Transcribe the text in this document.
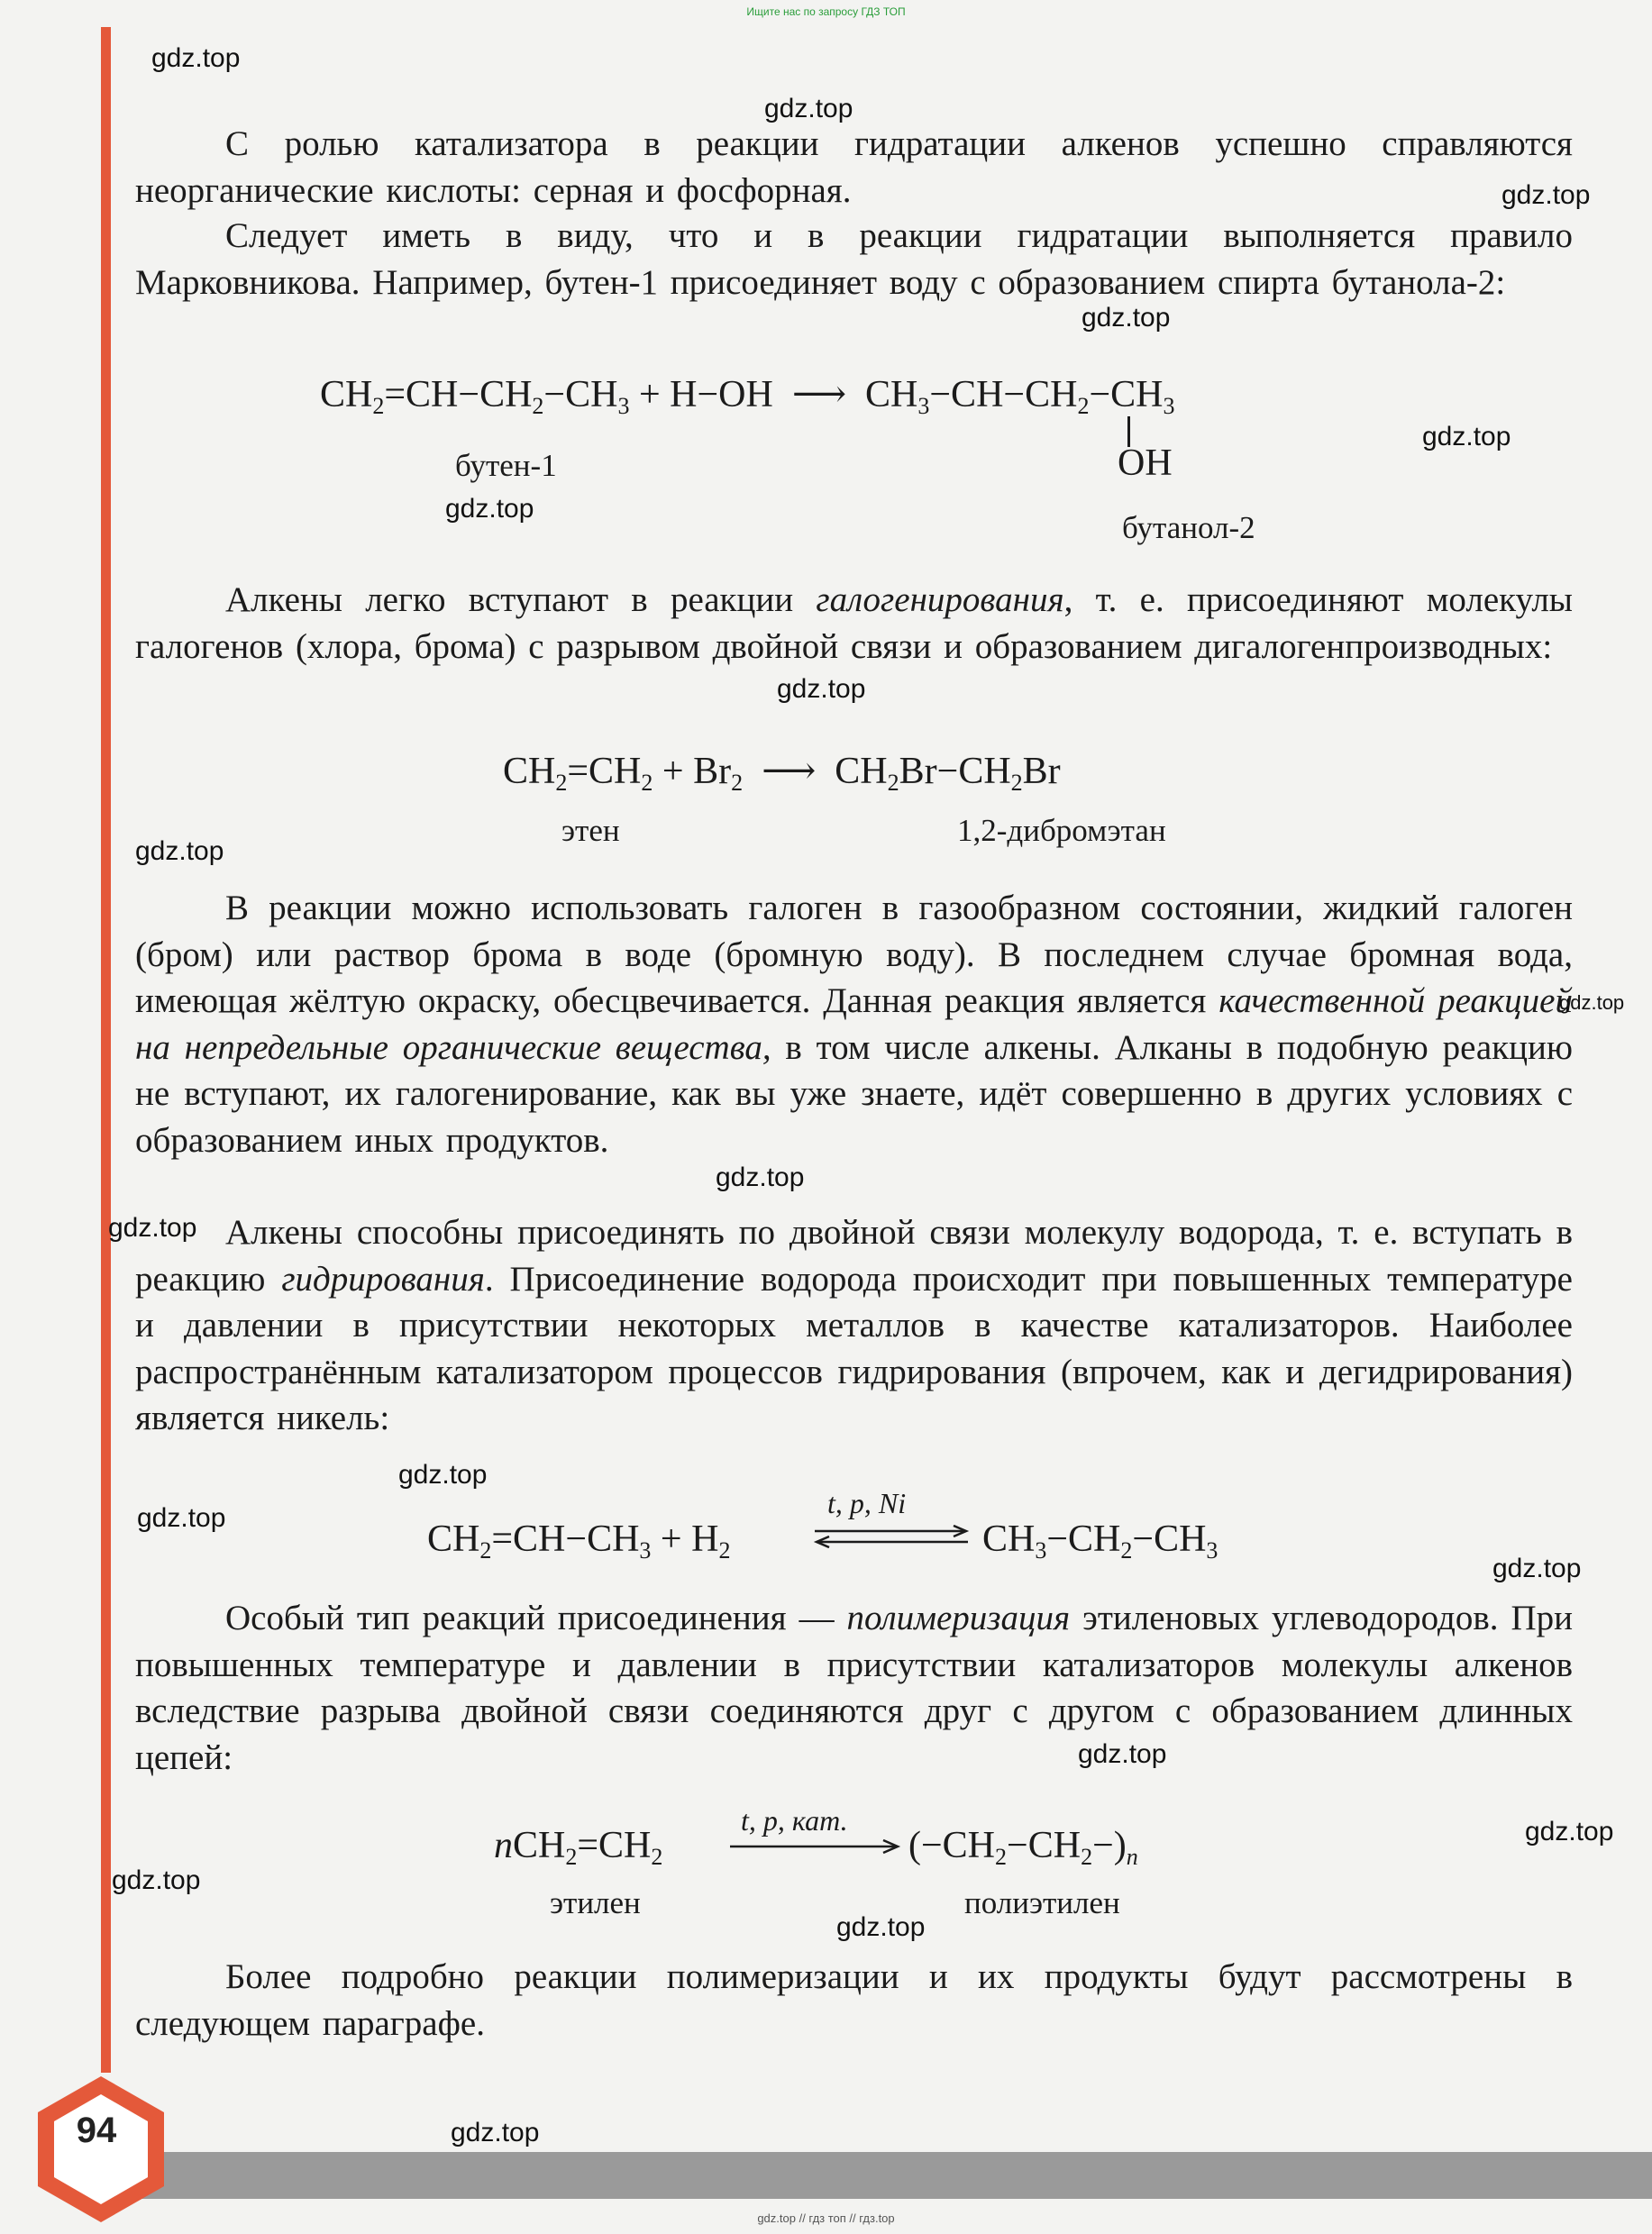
Ищите нас по запросу ГДЗ ТОП
94
gdz.top // гдз топ // гдз.top

С ролью катализатора в реакции гидратации алкенов успешно справляются неорганические кислоты: серная и фосфорная.

Следует иметь в виду, что и в реакции гидратации выполняется правило Марковникова. Например, бутен-1 присоединяет воду с образованием спирта бутанола-2:

$CH_2=CH-CH_2-CH_3 + H-OH$  ⟶  $CH_3-CH-CH_2-CH_3$
OH
бутен-1
бутанол-2

Алкены легко вступают в реакции галогенирования, т. е. присоединяют молекулы галогенов (хлора, брома) с разрывом двойной связи и образованием дигалогенпроизводных:

$CH_2=CH_2 + Br_2$  ⟶  $CH_2Br-CH_2Br$
этен	1,2-дибромэтан

В реакции можно использовать галоген в газообразном состоянии, жидкий галоген (бром) или раствор брома в воде (бромную воду). В последнем случае бромная вода, имеющая жёлтую окраску, обесцвечивается. Данная реакция является качественной реакцией на непредельные органические вещества, в том числе алкены. Алканы в подобную реакцию не вступают, их галогенирование, как вы уже знаете, идёт совершенно в других условиях с образованием иных продуктов.

Алкены способны присоединять по двойной связи молекулу водорода, т. е. вступать в реакцию гидрирования. Присоединение водорода происходит при повышенных температуре и давлении в присутствии некоторых металлов в качестве катализаторов. Наиболее распространённым катализатором процессов гидрирования (впрочем, как и дегидрирования) является никель:

$CH_2=CH-CH_3 + H_2$
t, p, Ni
$CH_3-CH_2-CH_3$

Особый тип реакций присоединения — полимеризация этиленовых углеводородов. При повышенных температуре и давлении в присутствии катализаторов молекулы алкенов вследствие разрыва двойной связи соединяются друг с другом с образованием длинных цепей:

$nCH_2=CH_2$
t, p, кат.
$(-CH_2-CH_2-)_n$
этилен	полиэтилен

Более подробно реакции полимеризации и их продукты будут рассмотрены в следующем параграфе.

gdz.top
gdz.top
gdz.top
gdz.top
gdz.top
gdz.top
gdz.top
gdz.top
gdz.top
gdz.top
gdz.top
gdz.top
gdz.top
gdz.top
gdz.top
gdz.top
gdz.top
gdz.top
gdz.top
